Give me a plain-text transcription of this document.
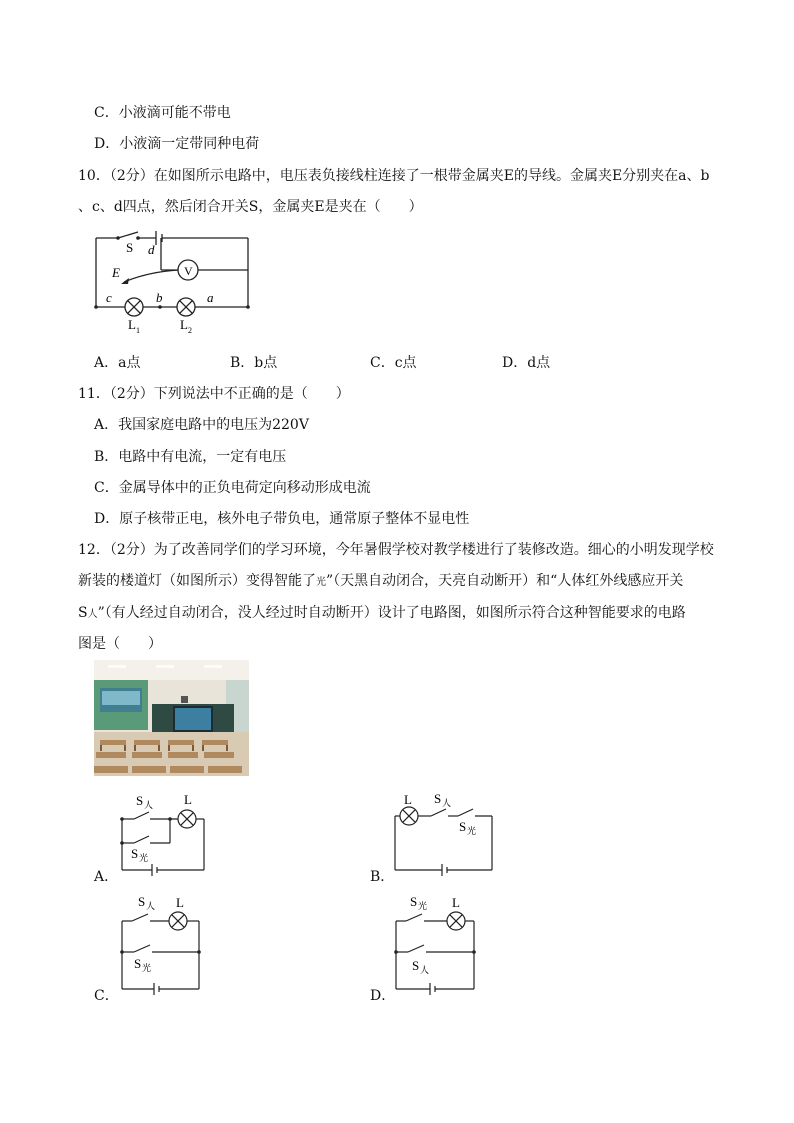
C．小液滴可能不带电
D．小液滴一定带同种电荷
10．（2分）在如图所示电路中，电压表负接线柱连接了一根带金属夹E的导线。金属夹E分别夹在a、b
、c、d四点，然后闭合开关S，金属夹E是夹在（　　）
S d
V
E
c	b	a
L 1	L 2
A．a点	B．b点	C．c点	D．d点
11．（2分）下列说法中不正确的是（　　）
A．我国家庭电路中的电压为220V
B．电路中有电流，一定有电压
C．金属导体中的正负电荷定向移动形成电流
D．原子核带正电，核外电子带负电，通常原子整体不显电性
12．（2分）为了改善同学们的学习环境，今年暑假学校对教学楼进行了装修改造。细心的小明发现学校
新装的楼道灯（如图所示）变得智能了光”（天黑自动闭合，天亮自动断开）和“人体红外线感应开关
S人”（有人经过自动闭合，没人经过时自动断开）设计了电路图，如图所示符合这种智能要求的电路
图是（　　）
A．
S 人 L
S 光
B．
L S 人
S 光
C．
S 人 L
S 光
D．
S 光 L
S 人
